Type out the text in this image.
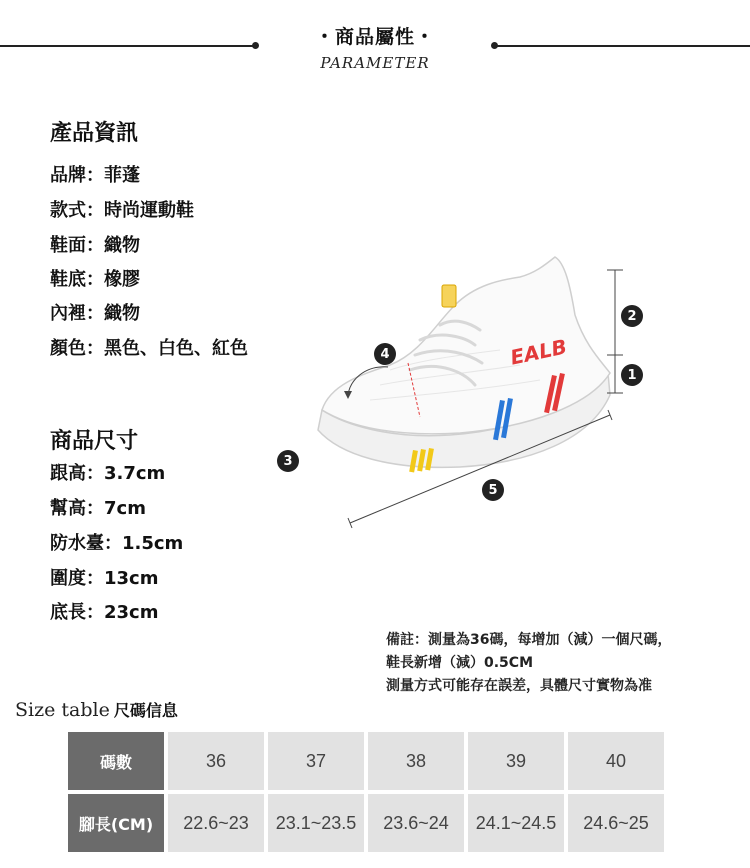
・商品屬性・
PARAMETER
產品資訊
品牌：菲蓬
款式：時尚運動鞋
鞋面：織物
鞋底：橡膠
內裡：織物
顏色：黑色、白色、紅色
商品尺寸
跟高：3.7cm
幫高：7cm
防水臺：1.5cm
圍度：13cm
底長：23cm
EALB
1
2
3
4
5
備註：測量為36碼，每增加（減）一個尺碼，
鞋長新增（減）0.5CM
測量方式可能存在誤差，具體尺寸實物為准
Size table 尺碼信息
碼數	36	37	38	39	40
腳長(CM)	22.6~23	23.1~23.5	23.6~24	24.1~24.5	24.6~25
